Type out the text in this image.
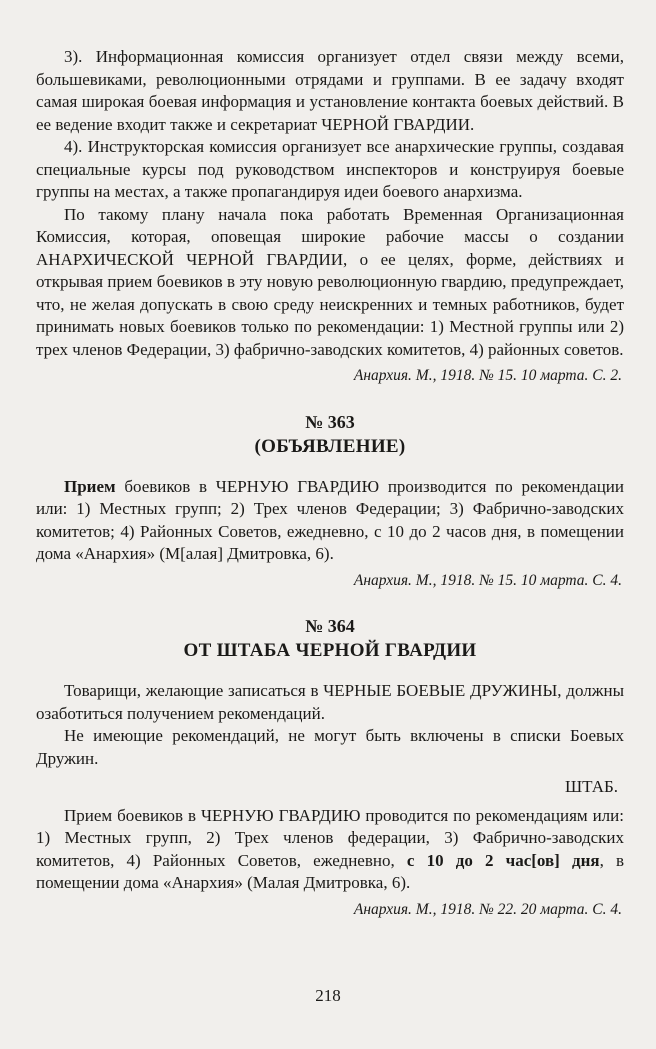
3). Информационная комиссия организует отдел связи между всеми, большевиками, революционными отрядами и группами. В ее задачу входят самая широкая боевая информация и установление контакта боевых действий. В ее ведение входит также и секретариат ЧЕРНОЙ ГВАРДИИ.

4). Инструкторская комиссия организует все анархические группы, создавая специальные курсы под руководством инспекторов и конструируя боевые группы на местах, а также пропагандируя идеи боевого анархизма.

По такому плану начала пока работать Временная Организационная Комиссия, которая, оповещая широкие рабочие массы о создании АНАРХИЧЕСКОЙ ЧЕРНОЙ ГВАРДИИ, о ее целях, форме, действиях и открывая прием боевиков в эту новую революционную гвардию, предупреждает, что, не желая допускать в свою среду неискренних и темных работников, будет принимать новых боевиков только по рекомендации: 1) Местной группы или 2) трех членов Федерации, 3) фабрично-заводских комитетов, 4) районных советов.

Анархия. М., 1918. № 15. 10 марта. С. 2.

№ 363
(ОБЪЯВЛЕНИЕ)

Прием боевиков в ЧЕРНУЮ ГВАРДИЮ производится по рекомендации или: 1) Местных групп; 2) Трех членов Федерации; 3) Фабрично-заводских комитетов; 4) Районных Советов, ежедневно, с 10 до 2 часов дня, в помещении дома «Анархия» (М[алая] Дмитровка, 6).

Анархия. М., 1918. № 15. 10 марта. С. 4.

№ 364
ОТ ШТАБА ЧЕРНОЙ ГВАРДИИ

Товарищи, желающие записаться в ЧЕРНЫЕ БОЕВЫЕ ДРУЖИНЫ, должны озаботиться получением рекомендаций.

Не имеющие рекомендаций, не могут быть включены в списки Боевых Дружин.

ШТАБ.

Прием боевиков в ЧЕРНУЮ ГВАРДИЮ проводится по рекомендациям или: 1) Местных групп, 2) Трех членов федерации, 3) Фабрично-заводских комитетов, 4) Районных Советов, ежедневно, с 10 до 2 час[ов] дня, в помещении дома «Анархия» (Малая Дмитровка, 6).

Анархия. М., 1918. № 22. 20 марта. С. 4.

218
